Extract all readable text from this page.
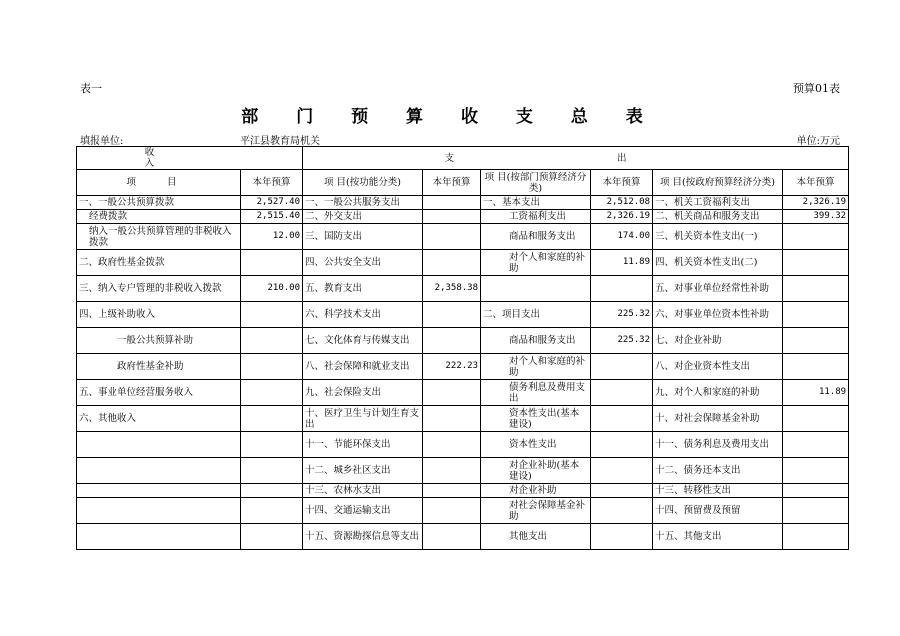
表一	预算01表
部 门 预 算 收 支 总 表
填报单位:	平江县教育局机关	单位:万元
收 入		支 出					
项 目	本年预算	项 目(按功能分类)	本年预算	项 目(按部门预算经济分类)	本年预算	项 目(按政府预算经济分类)	本年预算
一、一般公共预算拨款	2,527.40	一、一般公共服务支出		一、基本支出	2,512.08	一、机关工资福利支出	2,326.19
经费拨款	2,515.40	二、外交支出		工资福利支出	2,326.19	二、机关商品和服务支出	399.32
纳入一般公共预算管理的非税收入拨款	12.00	三、国防支出		商品和服务支出	174.00	三、机关资本性支出(一)	
二、政府性基金拨款		四、公共安全支出		对个人和家庭的补助	11.89	四、机关资本性支出(二)	
三、纳入专户管理的非税收入拨款	210.00	五、教育支出	2,358.38			五、对事业单位经常性补助	
四、上级补助收入		六、科学技术支出		二、项目支出	225.32	六、对事业单位资本性补助	
一般公共预算补助		七、文化体育与传媒支出		商品和服务支出	225.32	七、对企业补助	
政府性基金补助		八、社会保障和就业支出	222.23	对个人和家庭的补助		八、对企业资本性支出	
五、事业单位经营服务收入		九、社会保险支出		债务利息及费用支出		九、对个人和家庭的补助	11.89
六、其他收入		十、医疗卫生与计划生育支出		资本性支出(基本建设)		十、对社会保障基金补助	
		十一、节能环保支出		资本性支出		十一、债务利息及费用支出	
		十二、城乡社区支出		对企业补助(基本建设)		十二、债务还本支出	
		十三、农林水支出		对企业补助		十三、转移性支出	
		十四、交通运输支出		对社会保障基金补助		十四、预留费及预留	
		十五、资源勘探信息等支出		其他支出		十五、其他支出	
